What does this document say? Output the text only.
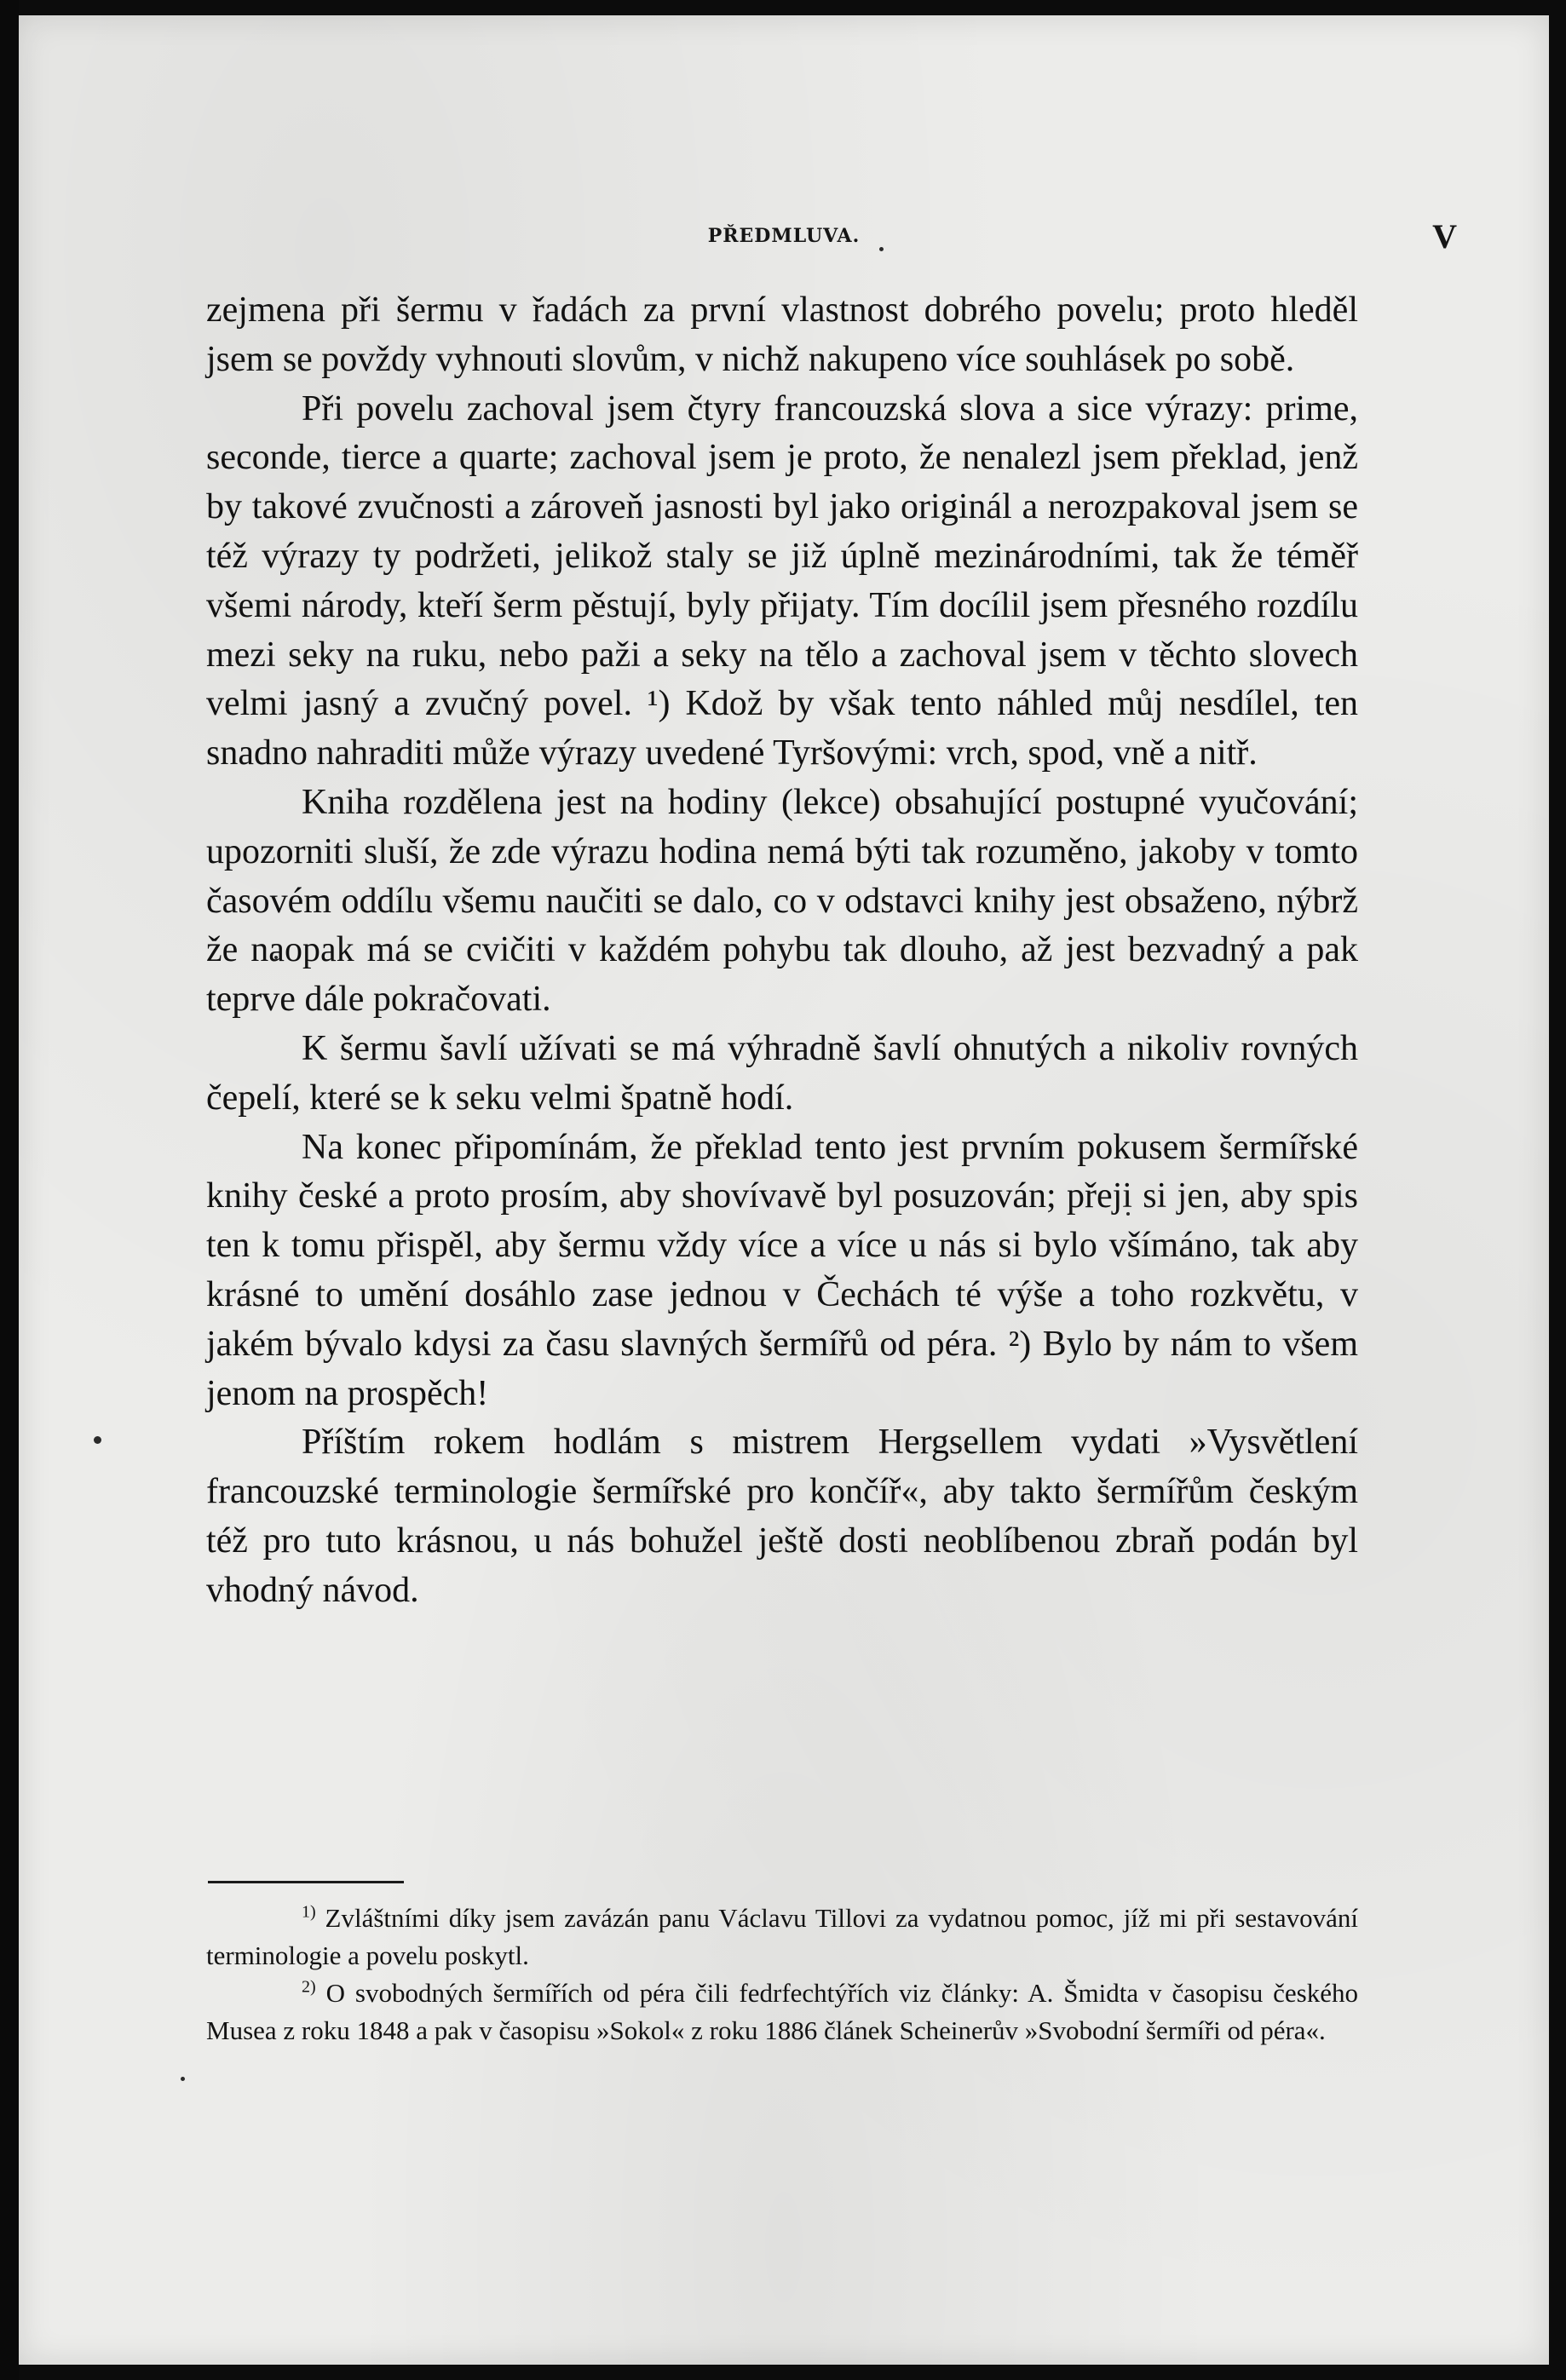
PŘEDMLUVA.	V

zejmena při šermu v řadách za první vlastnost dobrého povelu; proto hleděl jsem se povždy vyhnouti slovům, v nichž nakupeno více souhlásek po sobě.

Při povelu zachoval jsem čtyry francouzská slova a sice výrazy: prime, seconde, tierce a quarte; zachoval jsem je proto, že nenalezl jsem překlad, jenž by takové zvučnosti a zároveň jasnosti byl jako originál a nerozpakoval jsem se též výrazy ty podržeti, jelikož staly se již úplně mezinárodními, tak že téměř všemi národy, kteří šerm pěstují, byly přijaty. Tím docílil jsem přesného rozdílu mezi seky na ruku, nebo paži a seky na tělo a zachoval jsem v těchto slovech velmi jasný a zvučný povel. ¹) Kdož by však tento náhled můj nesdílel, ten snadno nahraditi může výrazy uvedené Tyršovými: vrch, spod, vně a nitř.

Kniha rozdělena jest na hodiny (lekce) obsahující postupné vyučování; upozorniti sluší, že zde výrazu hodina nemá býti tak rozuměno, jakoby v tomto časovém oddílu všemu naučiti se dalo, co v odstavci knihy jest obsaženo, nýbrž že naopak má se cvičiti v každém pohybu tak dlouho, až jest bezvadný a pak teprve dále pokračovati.

K šermu šavlí užívati se má výhradně šavlí ohnutých a nikoliv rovných čepelí, které se k seku velmi špatně hodí.

Na konec připomínám, že překlad tento jest prvním pokusem šermířské knihy české a proto prosím, aby shovívavě byl posuzován; přeji si jen, aby spis ten k tomu přispěl, aby šermu vždy více a více u nás si bylo všímáno, tak aby krásné to umění dosáhlo zase jednou v Čechách té výše a toho rozkvětu, v jakém bývalo kdysi za času slavných šermířů od péra. ²) Bylo by nám to všem jenom na prospěch!

Příštím rokem hodlám s mistrem Hergsellem vydati »Vysvětlení francouzské terminologie šermířské pro končíř«, aby takto šermířům českým též pro tuto krásnou, u nás bohužel ještě dosti neoblíbenou zbraň podán byl vhodný návod.

$^{1)}$ Zvláštními díky jsem zavázán panu Václavu Tillovi za vydatnou pomoc, jíž mi při sestavování terminologie a povelu poskytl.

$^{2)}$ O svobodných šermířích od péra čili fedrfechtýřích viz články: A. Šmidta v časopisu českého Musea z roku 1848 a pak v časopisu »Sokol« z roku 1886 článek Scheinerův »Svobodní šermíři od péra«.
